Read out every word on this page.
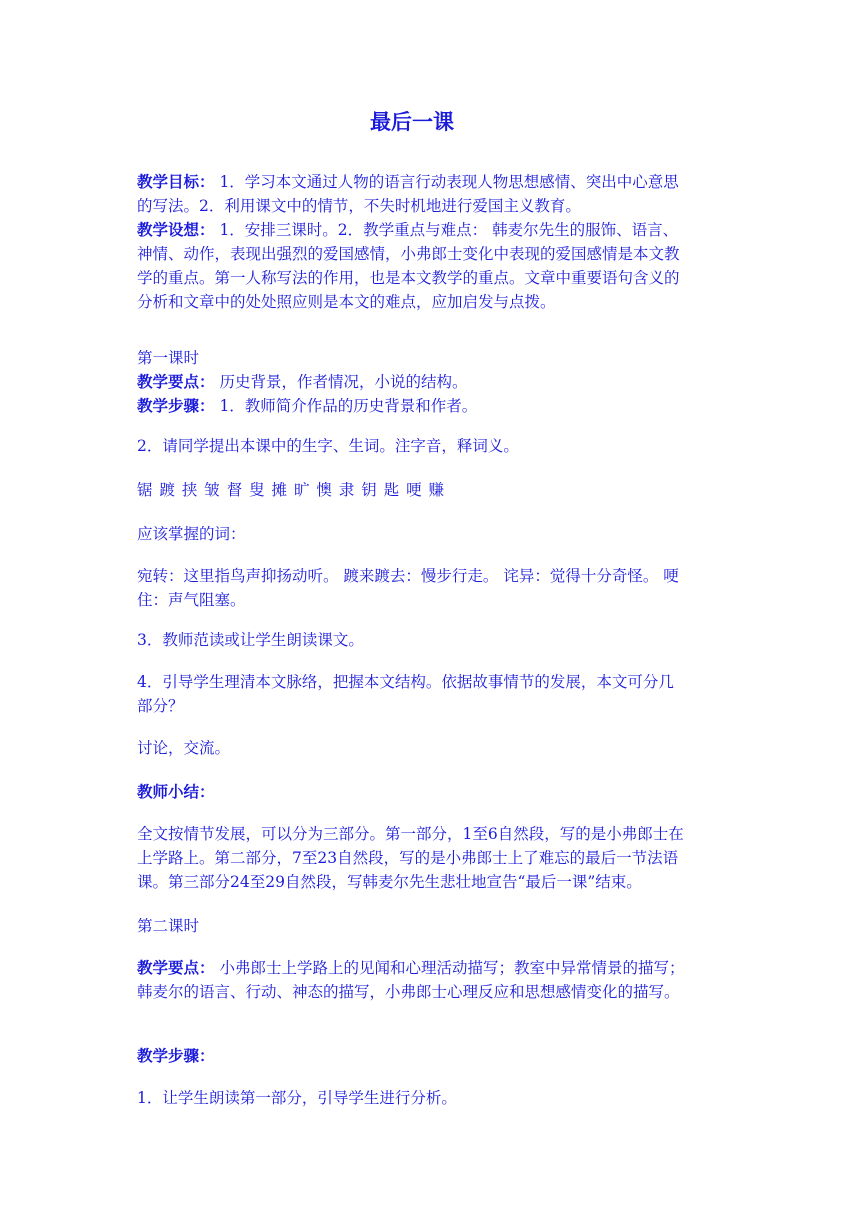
最后一课

教学目标： 1．学习本文通过人物的语言行动表现人物思想感情、突出中心意思的写法。2．利用课文中的情节，不失时机地进行爱国主义教育。

教学设想： 1．安排三课时。2．教学重点与难点： 韩麦尔先生的服饰、语言、神情、动作，表现出强烈的爱国感情，小弗郎士变化中表现的爱国感情是本文教学的重点。第一人称写法的作用，也是本文教学的重点。文章中重要语句含义的分析和文章中的处处照应则是本文的难点，应加启发与点拨。

第一课时

教学要点： 历史背景，作者情况，小说的结构。

教学步骤： 1．教师简介作品的历史背景和作者。

2．请同学提出本课中的生字、生词。注字音，释词义。

锯 踱 挟 皱 督 叟 摊 旷 懊 隶 钥 匙 哽 赚

应该掌握的词：

宛转：这里指鸟声抑扬动听。 踱来踱去：慢步行走。 诧异：觉得十分奇怪。 哽住：声气阻塞。

3．教师范读或让学生朗读课文。

4．引导学生理清本文脉络，把握本文结构。依据故事情节的发展，本文可分几部分？

讨论，交流。

教师小结：

全文按情节发展，可以分为三部分。第一部分，1至6自然段，写的是小弗郎士在上学路上。第二部分，7至23自然段，写的是小弗郎士上了难忘的最后一节法语课。第三部分24至29自然段，写韩麦尔先生悲壮地宣告“最后一课”结束。

第二课时

教学要点： 小弗郎士上学路上的见闻和心理活动描写；教室中异常情景的描写；韩麦尔的语言、行动、神态的描写，小弗郎士心理反应和思想感情变化的描写。

教学步骤：

1．让学生朗读第一部分，引导学生进行分析。
